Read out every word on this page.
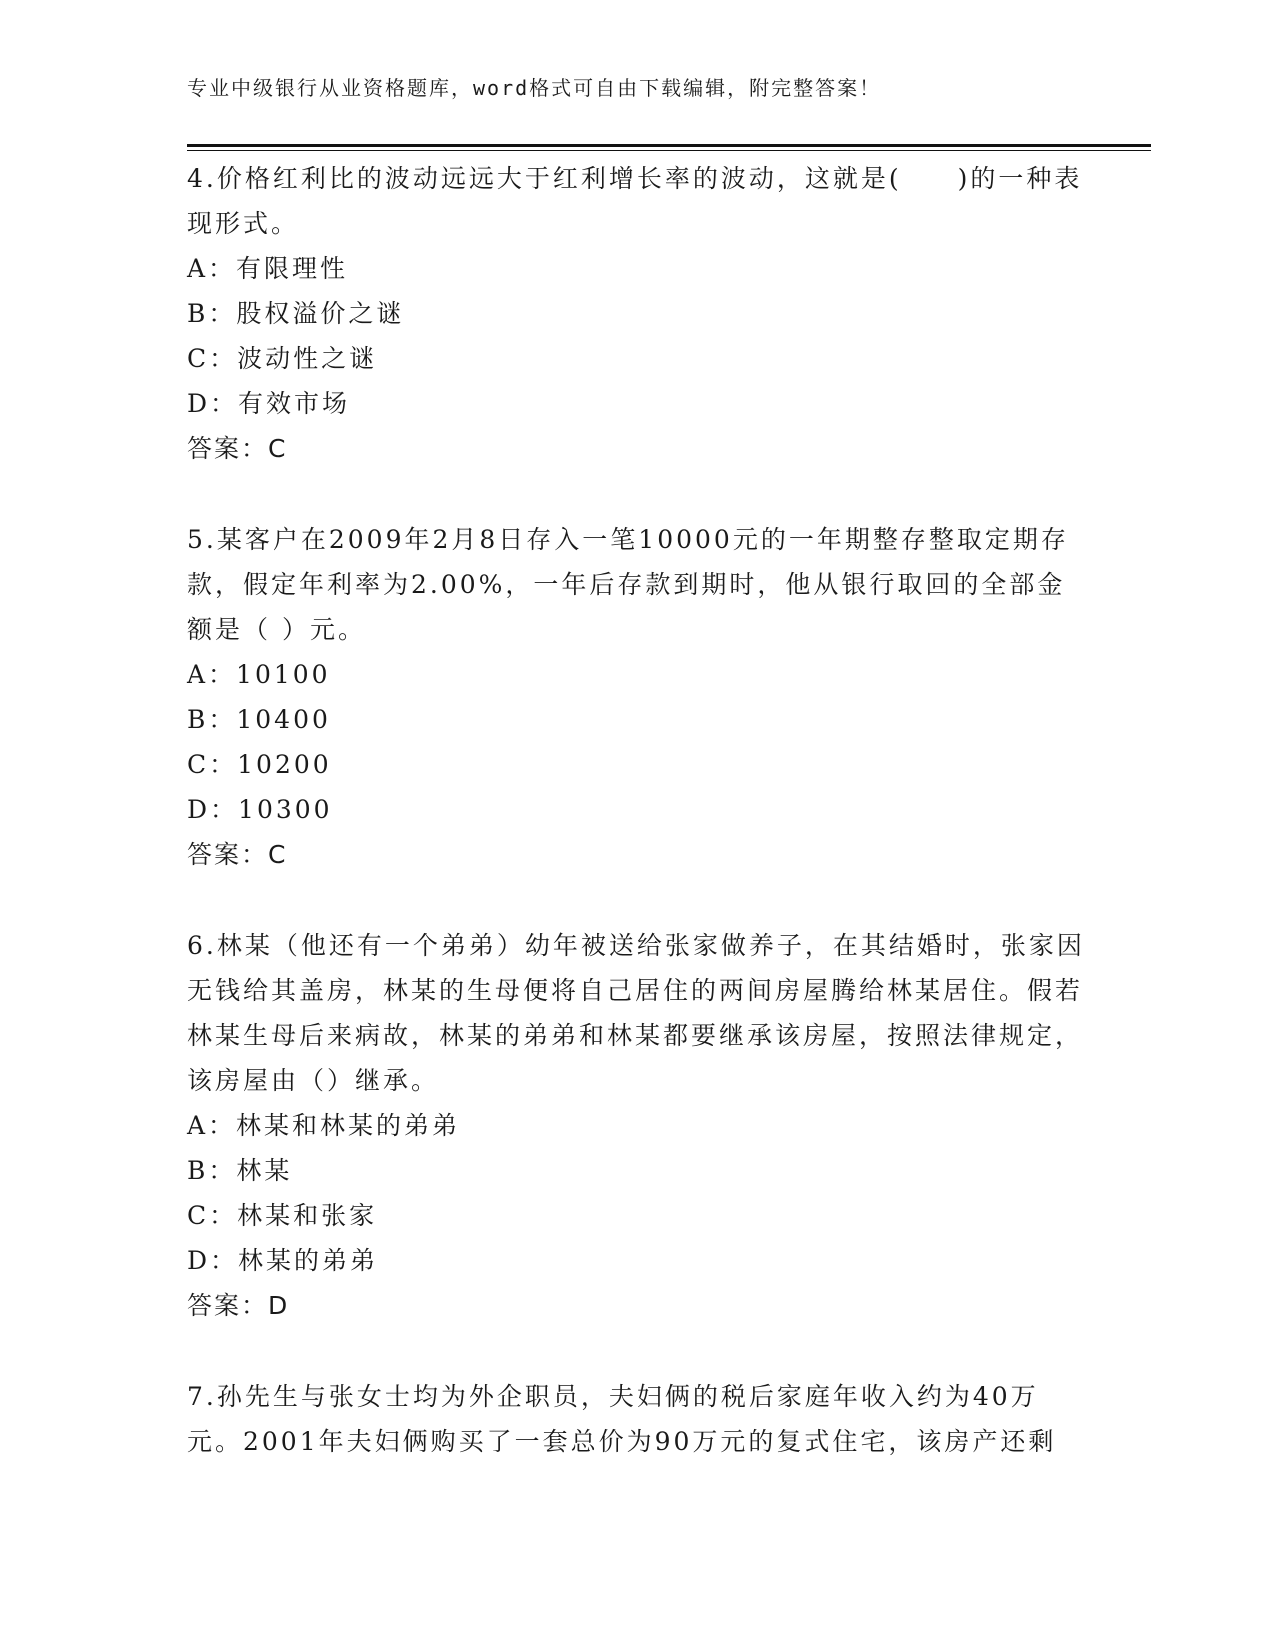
专业中级银行从业资格题库，word格式可自由下载编辑，附完整答案！
4.价格红利比的波动远远大于红利增长率的波动，这就是(　　)的一种表现形式。
A：有限理性
B：股权溢价之谜
C：波动性之谜
D：有效市场
答案：C
5.某客户在2009年2月8日存入一笔10000元的一年期整存整取定期存款，假定年利率为2.00%，一年后存款到期时，他从银行取回的全部金额是（ ）元。
A：10100
B：10400
C：10200
D：10300
答案：C
6.林某（他还有一个弟弟）幼年被送给张家做养子，在其结婚时，张家因无钱给其盖房，林某的生母便将自己居住的两间房屋腾给林某居住。假若林某生母后来病故，林某的弟弟和林某都要继承该房屋，按照法律规定，该房屋由（）继承。
A：林某和林某的弟弟
B：林某
C：林某和张家
D：林某的弟弟
答案：D
7.孙先生与张女士均为外企职员，夫妇俩的税后家庭年收入约为40万元。2001年夫妇俩购买了一套总价为90万元的复式住宅，该房产还剩
